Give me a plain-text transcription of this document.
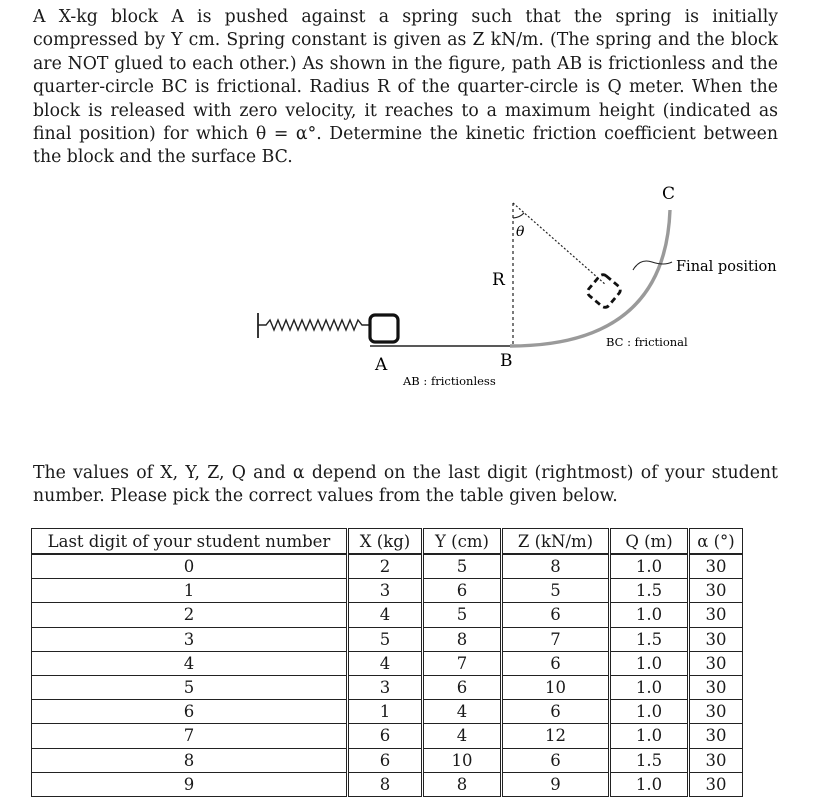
A X-kg block A is pushed against a spring such that the spring is initially compressed by Y cm. Spring constant is given as Z kN/m. (The spring and the block are NOT glued to each other.) As shown in the figure, path AB is frictionless and the quarter-circle BC is frictional. Radius R of the quarter-circle is Q meter. When the block is released with zero velocity, it reaches to a maximum height (indicated as final position) for which θ = α°. Determine the kinetic friction coefficient between the block and the surface BC.

A	B
C
R
θ
Final position
AB : frictionless
BC : frictional

The values of X, Y, Z, Q and α depend on the last digit (rightmost) of your student number. Please pick the correct values from the table given below.

Last digit of your student number	X (kg)	Y (cm)	Z (kN/m)	Q (m)	α (°)
0	2	5	8	1.0	30
1	3	6	5	1.5	30
2	4	5	6	1.0	30
3	5	8	7	1.5	30
4	4	7	6	1.0	30
5	3	6	10	1.0	30
6	1	4	6	1.0	30
7	6	4	12	1.0	30
8	6	10	6	1.5	30
9	8	8	9	1.0	30
